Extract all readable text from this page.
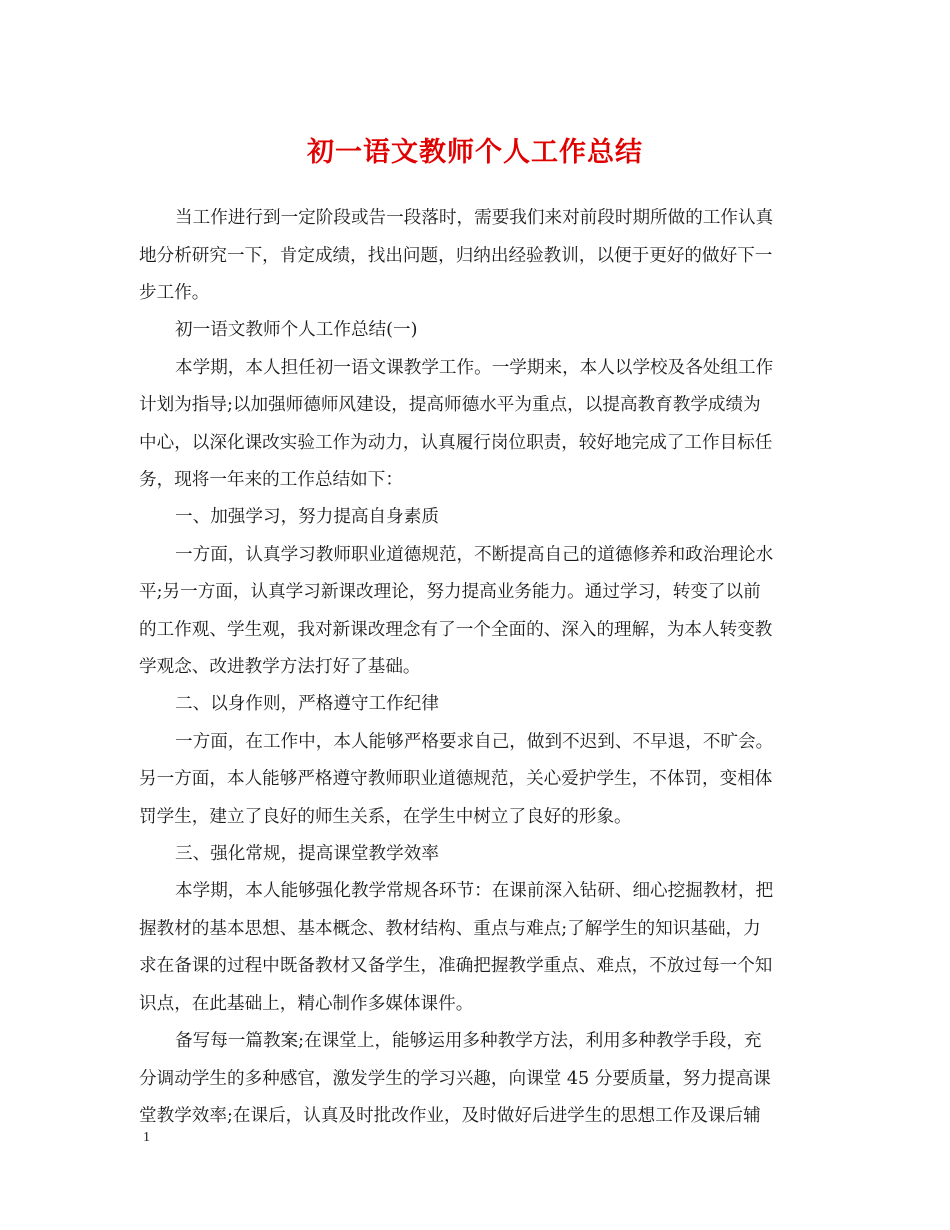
初一语文教师个人工作总结
当工作进行到一定阶段或告一段落时，需要我们来对前段时期所做的工作认真
地分析研究一下，肯定成绩，找出问题，归纳出经验教训，以便于更好的做好下一
步工作。
初一语文教师个人工作总结(一)
本学期，本人担任初一语文课教学工作。一学期来，本人以学校及各处组工作
计划为指导;以加强师德师风建设，提高师德水平为重点，以提高教育教学成绩为
中心，以深化课改实验工作为动力，认真履行岗位职责，较好地完成了工作目标任
务，现将一年来的工作总结如下：
一、加强学习，努力提高自身素质
一方面，认真学习教师职业道德规范，不断提高自己的道德修养和政治理论水
平;另一方面，认真学习新课改理论，努力提高业务能力。通过学习，转变了以前
的工作观、学生观，我对新课改理念有了一个全面的、深入的理解，为本人转变教
学观念、改进教学方法打好了基础。
二、以身作则，严格遵守工作纪律
一方面，在工作中，本人能够严格要求自己，做到不迟到、不早退，不旷会。
另一方面，本人能够严格遵守教师职业道德规范，关心爱护学生，不体罚，变相体
罚学生，建立了良好的师生关系，在学生中树立了良好的形象。
三、强化常规，提高课堂教学效率
本学期，本人能够强化教学常规各环节：在课前深入钻研、细心挖掘教材，把
握教材的基本思想、基本概念、教材结构、重点与难点;了解学生的知识基础，力
求在备课的过程中既备教材又备学生，准确把握教学重点、难点，不放过每一个知
识点，在此基础上，精心制作多媒体课件。
备写每一篇教案;在课堂上，能够运用多种教学方法，利用多种教学手段，充
分调动学生的多种感官，激发学生的学习兴趣，向课堂 45 分要质量，努力提高课
堂教学效率;在课后，认真及时批改作业，及时做好后进学生的思想工作及课后辅
1
